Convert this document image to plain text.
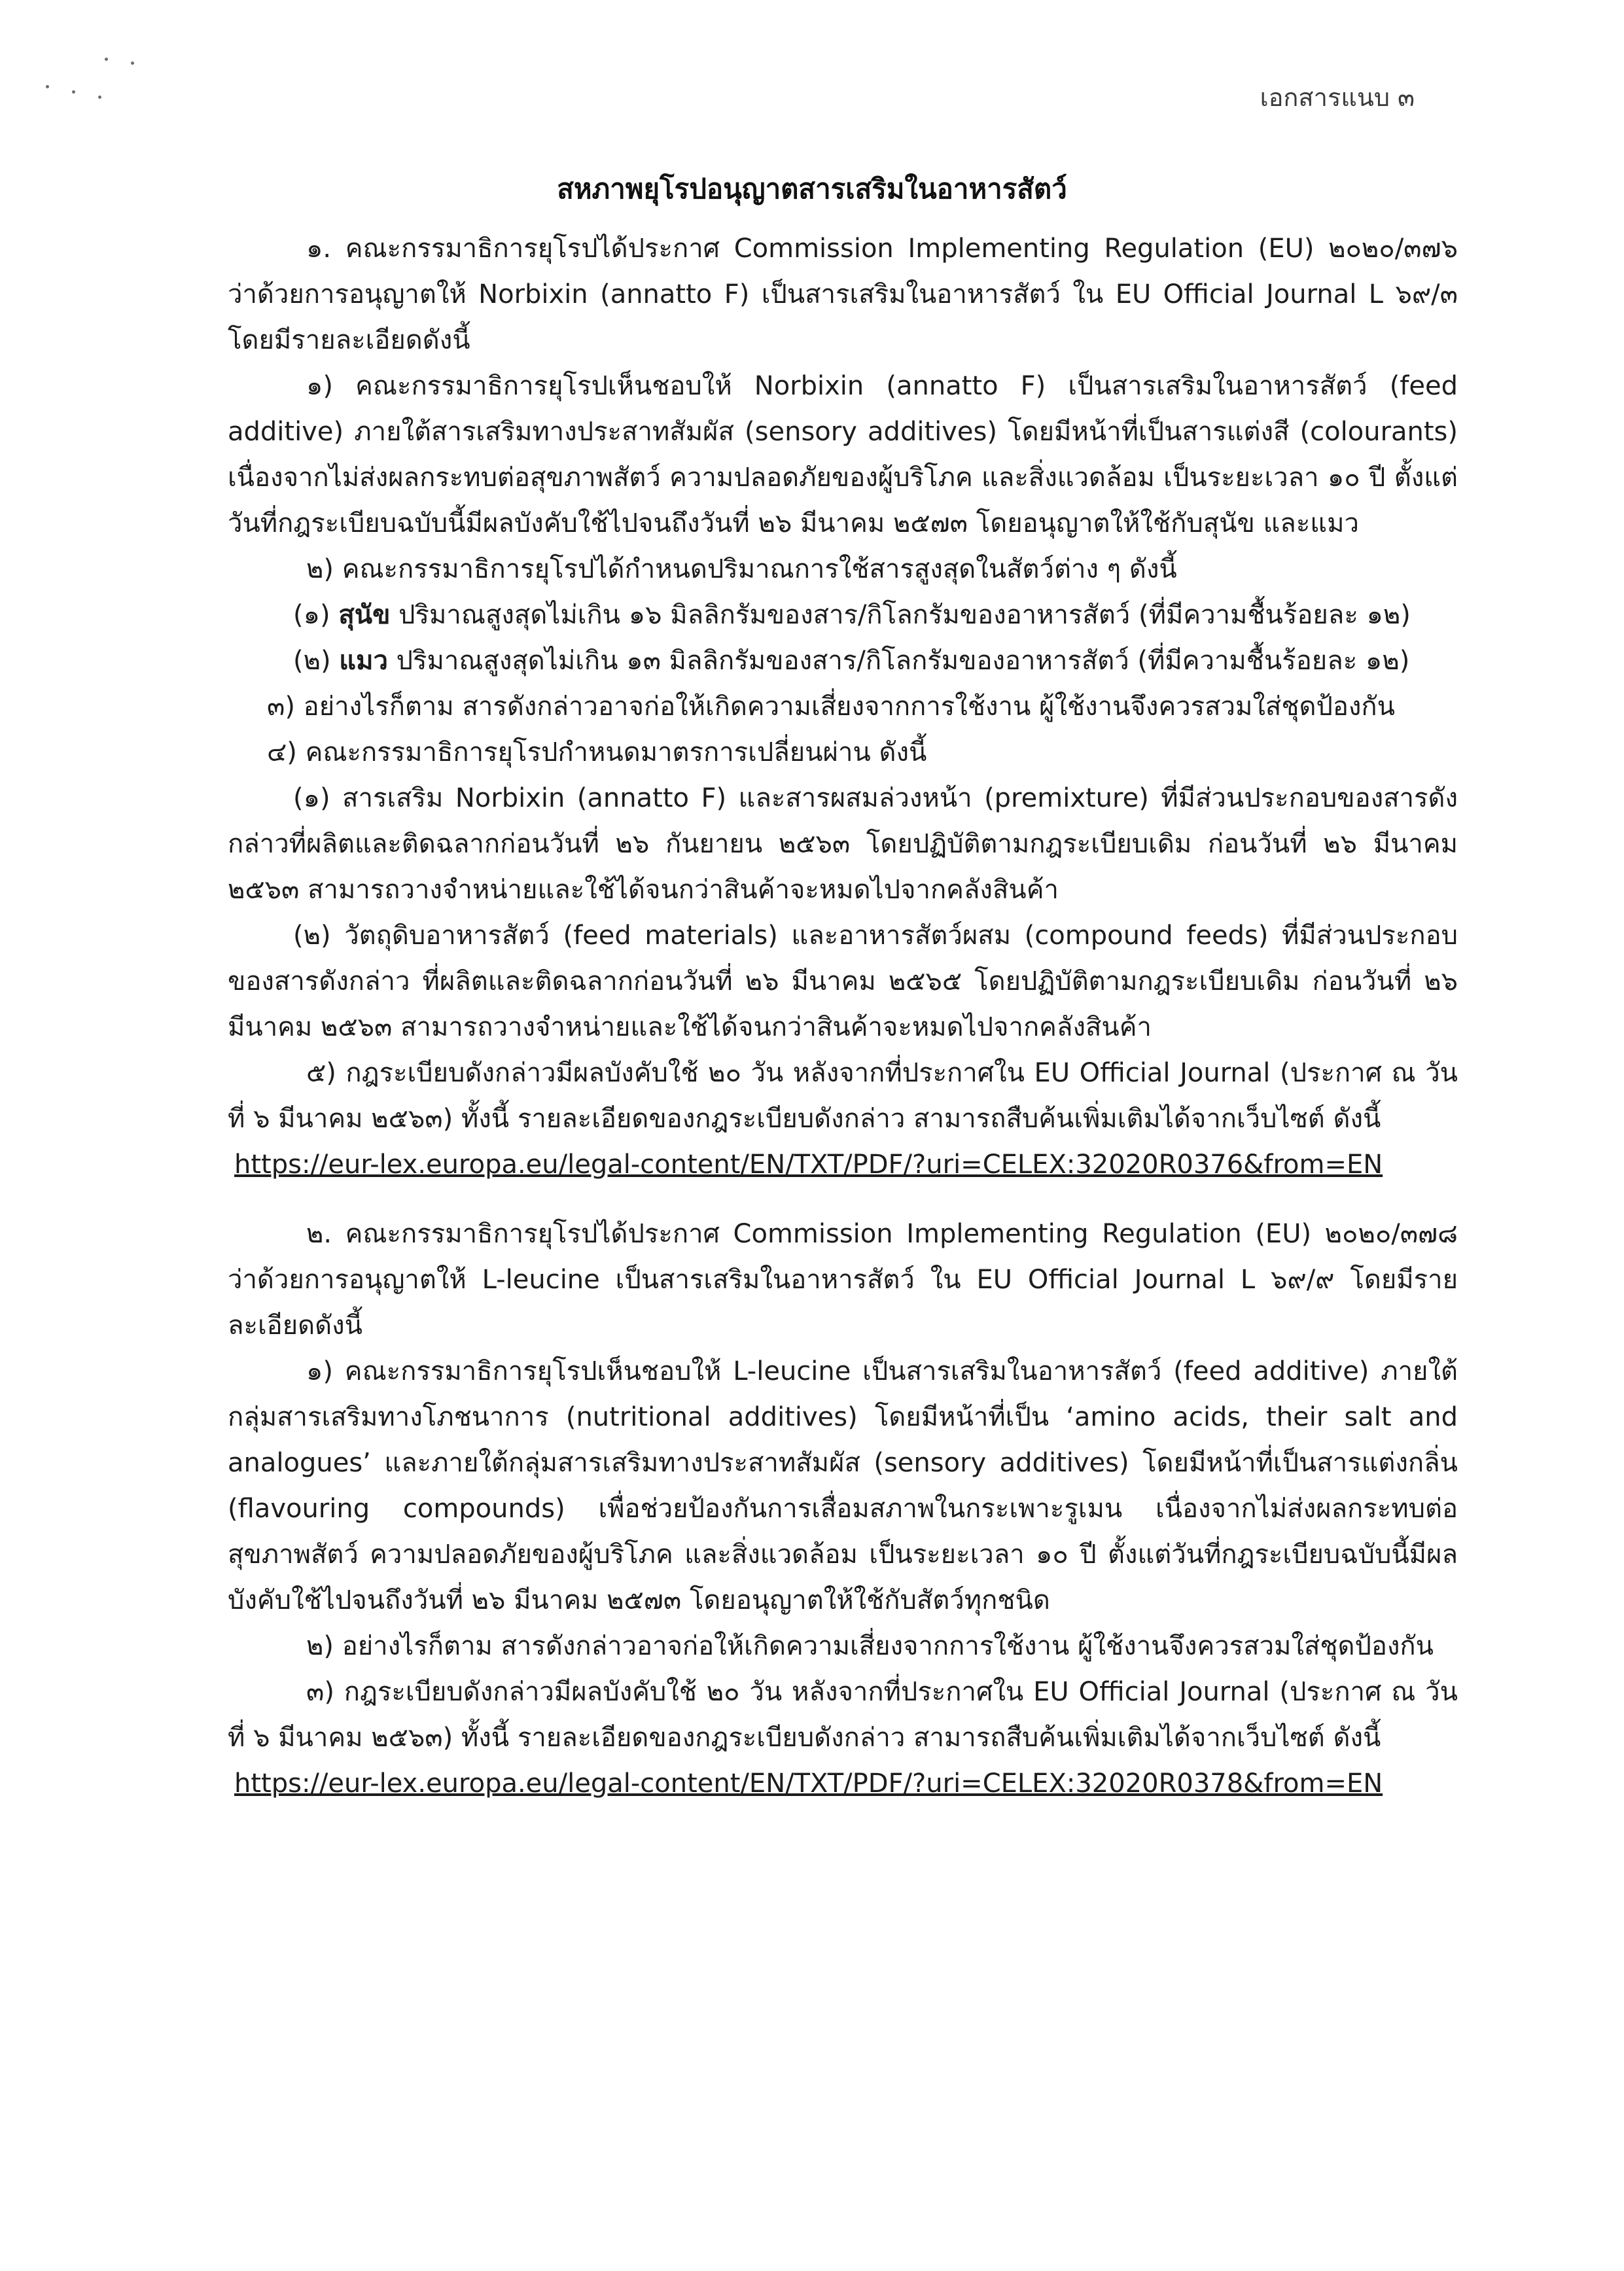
เอกสารแนบ ๓
สหภาพยุโรปอนุญาตสารเสริมในอาหารสัตว์

๑. คณะกรรมาธิการยุโรปได้ประกาศ Commission Implementing Regulation (EU) ๒๐๒๐/๓๗๖ ว่าด้วยการอนุญาตให้ Norbixin (annatto F) เป็นสารเสริมในอาหารสัตว์ ใน EU Official Journal L ๖๙/๓ โดยมีรายละเอียดดังนี้

๑) คณะกรรมาธิการยุโรปเห็นชอบให้ Norbixin (annatto F) เป็นสารเสริมในอาหารสัตว์ (feed additive) ภายใต้สารเสริมทางประสาทสัมผัส (sensory additives) โดยมีหน้าที่เป็นสารแต่งสี (colourants) เนื่องจากไม่ส่งผลกระทบต่อสุขภาพสัตว์ ความปลอดภัยของผู้บริโภค และสิ่งแวดล้อม เป็นระยะเวลา ๑๐ ปี ตั้งแต่วันที่กฎระเบียบฉบับนี้มีผลบังคับใช้ไปจนถึงวันที่ ๒๖ มีนาคม ๒๕๗๓ โดยอนุญาตให้ใช้กับสุนัข และแมว

๒) คณะกรรมาธิการยุโรปได้กำหนดปริมาณการใช้สารสูงสุดในสัตว์ต่าง ๆ ดังนี้

(๑) สุนัข ปริมาณสูงสุดไม่เกิน ๑๖ มิลลิกรัมของสาร/กิโลกรัมของอาหารสัตว์ (ที่มีความชื้นร้อยละ ๑๒)

(๒) แมว ปริมาณสูงสุดไม่เกิน ๑๓ มิลลิกรัมของสาร/กิโลกรัมของอาหารสัตว์ (ที่มีความชื้นร้อยละ ๑๒)

๓) อย่างไรก็ตาม สารดังกล่าวอาจก่อให้เกิดความเสี่ยงจากการใช้งาน ผู้ใช้งานจึงควรสวมใส่ชุดป้องกัน

๔) คณะกรรมาธิการยุโรปกำหนดมาตรการเปลี่ยนผ่าน ดังนี้

(๑) สารเสริม Norbixin (annatto F) และสารผสมล่วงหน้า (premixture) ที่มีส่วนประกอบของสารดังกล่าวที่ผลิตและติดฉลากก่อนวันที่ ๒๖ กันยายน ๒๕๖๓ โดยปฏิบัติตามกฎระเบียบเดิม ก่อนวันที่ ๒๖ มีนาคม ๒๕๖๓ สามารถวางจำหน่ายและใช้ได้จนกว่าสินค้าจะหมดไปจากคลังสินค้า

(๒) วัตถุดิบอาหารสัตว์ (feed materials) และอาหารสัตว์ผสม (compound feeds) ที่มีส่วนประกอบของสารดังกล่าว ที่ผลิตและติดฉลากก่อนวันที่ ๒๖ มีนาคม ๒๕๖๕ โดยปฏิบัติตามกฎระเบียบเดิม ก่อนวันที่ ๒๖ มีนาคม ๒๕๖๓ สามารถวางจำหน่ายและใช้ได้จนกว่าสินค้าจะหมดไปจากคลังสินค้า

๕) กฎระเบียบดังกล่าวมีผลบังคับใช้ ๒๐ วัน หลังจากที่ประกาศใน EU Official Journal (ประกาศ ณ วันที่ ๖ มีนาคม ๒๕๖๓) ทั้งนี้ รายละเอียดของกฎระเบียบดังกล่าว สามารถสืบค้นเพิ่มเติมได้จากเว็บไซต์ ดังนี้

https://eur-lex.europa.eu/legal-content/EN/TXT/PDF/?uri=CELEX:32020R0376&from=EN

๒. คณะกรรมาธิการยุโรปได้ประกาศ Commission Implementing Regulation (EU) ๒๐๒๐/๓๗๘ ว่าด้วยการอนุญาตให้ L-leucine เป็นสารเสริมในอาหารสัตว์ ใน EU Official Journal L ๖๙/๙ โดยมีรายละเอียดดังนี้

๑) คณะกรรมาธิการยุโรปเห็นชอบให้ L-leucine เป็นสารเสริมในอาหารสัตว์ (feed additive) ภายใต้กลุ่มสารเสริมทางโภชนาการ (nutritional additives) โดยมีหน้าที่เป็น ‘amino acids, their salt and analogues’ และภายใต้กลุ่มสารเสริมทางประสาทสัมผัส (sensory additives) โดยมีหน้าที่เป็นสารแต่งกลิ่น (flavouring compounds) เพื่อช่วยป้องกันการเสื่อมสภาพในกระเพาะรูเมน เนื่องจากไม่ส่งผลกระทบต่อสุขภาพสัตว์ ความปลอดภัยของผู้บริโภค และสิ่งแวดล้อม เป็นระยะเวลา ๑๐ ปี ตั้งแต่วันที่กฎระเบียบฉบับนี้มีผลบังคับใช้ไปจนถึงวันที่ ๒๖ มีนาคม ๒๕๗๓ โดยอนุญาตให้ใช้กับสัตว์ทุกชนิด

๒) อย่างไรก็ตาม สารดังกล่าวอาจก่อให้เกิดความเสี่ยงจากการใช้งาน ผู้ใช้งานจึงควรสวมใส่ชุดป้องกัน

๓) กฎระเบียบดังกล่าวมีผลบังคับใช้ ๒๐ วัน หลังจากที่ประกาศใน EU Official Journal (ประกาศ ณ วันที่ ๖ มีนาคม ๒๕๖๓) ทั้งนี้ รายละเอียดของกฎระเบียบดังกล่าว สามารถสืบค้นเพิ่มเติมได้จากเว็บไซต์ ดังนี้

https://eur-lex.europa.eu/legal-content/EN/TXT/PDF/?uri=CELEX:32020R0378&from=EN
